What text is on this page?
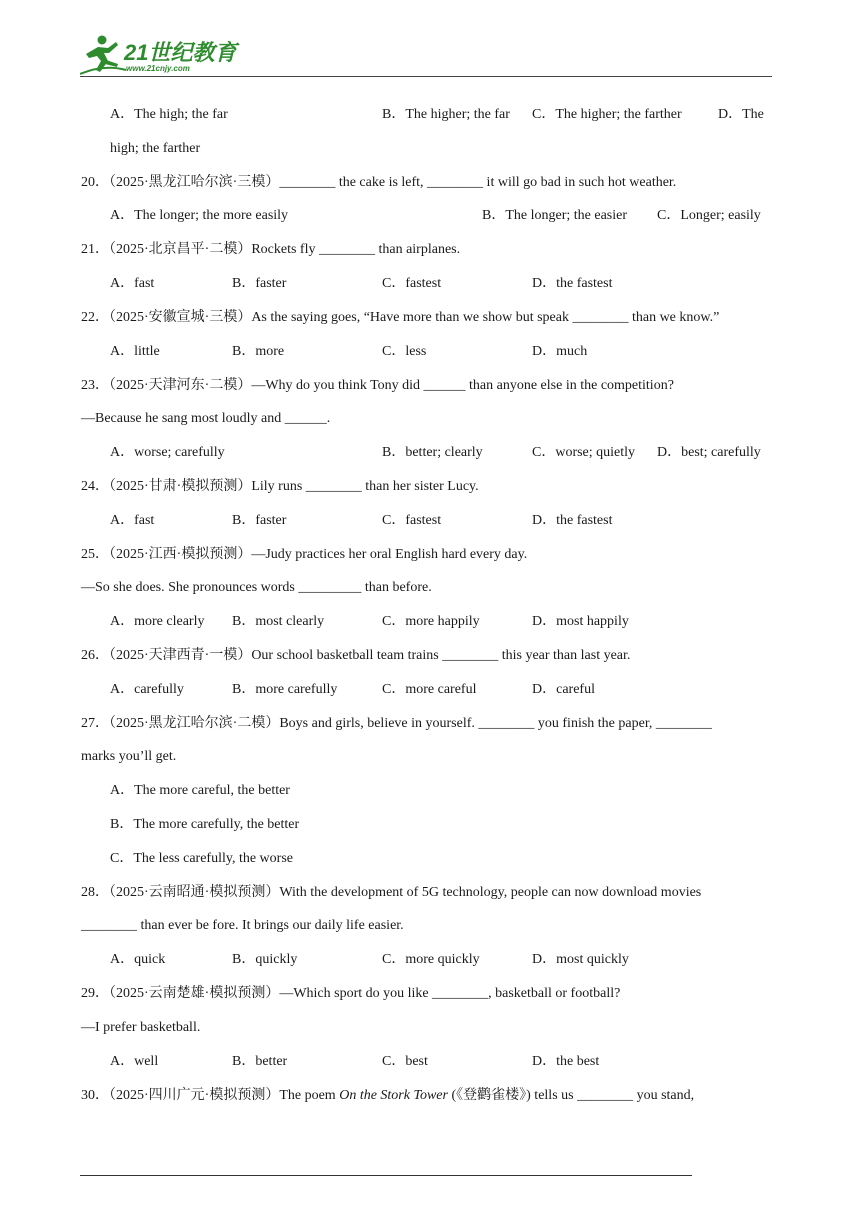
21世纪教育
www.21cnjy.com
A．The high; the far	B．The higher; the far C．The higher; the farther	D．The
high; the farther
20．（2025·黑龙江哈尔滨·三模）________ the cake is left, ________ it will go bad in such hot weather.
A．The longer; the more easily	B．The longer; the easier C．Longer; easily
21．（2025·北京昌平·二模）Rockets fly ________ than airplanes.
A．fast	B．faster	C．fastest	D．the fastest
22．（2025·安徽宣城·三模）As the saying goes, “Have more than we show but speak ________ than we know.”
A．little	B．more	C．less	D．much
23．（2025·天津河东·二模）—Why do you think Tony did ______ than anyone else in the competition?
—Because he sang most loudly and ______.
A．worse; carefully	B．better; clearly	C．worse; quietly D．best; carefully
24．（2025·甘肃·模拟预测）Lily runs ________ than her sister Lucy.
A．fast	B．faster	C．fastest	D．the fastest
25．（2025·江西·模拟预测）—Judy practices her oral English hard every day.
—So she does. She pronounces words _________ than before.
A．more clearly B．most clearly	C．more happily	D．most happily
26．（2025·天津西青·一模）Our school basketball team trains ________ this year than last year.
A．carefully	B．more carefully	C．more careful	D．careful
27．（2025·黑龙江哈尔滨·二模）Boys and girls, believe in yourself. ________ you finish the paper, ________
marks you’ll get.
A．The more careful, the better
B．The more carefully, the better
C．The less carefully, the worse
28．（2025·云南昭通·模拟预测）With the development of 5G technology, people can now download movies
________ than ever be fore. It brings our daily life easier.
A．quick	B．quickly	C．more quickly	D．most quickly
29．（2025·云南楚雄·模拟预测）—Which sport do you like ________, basketball or football?
—I prefer basketball.
A．well	B．better	C．best	D．the best
30．（2025·四川广元·模拟预测）The poem On the Stork Tower (《登鹳雀楼》) tells us ________ you stand,
